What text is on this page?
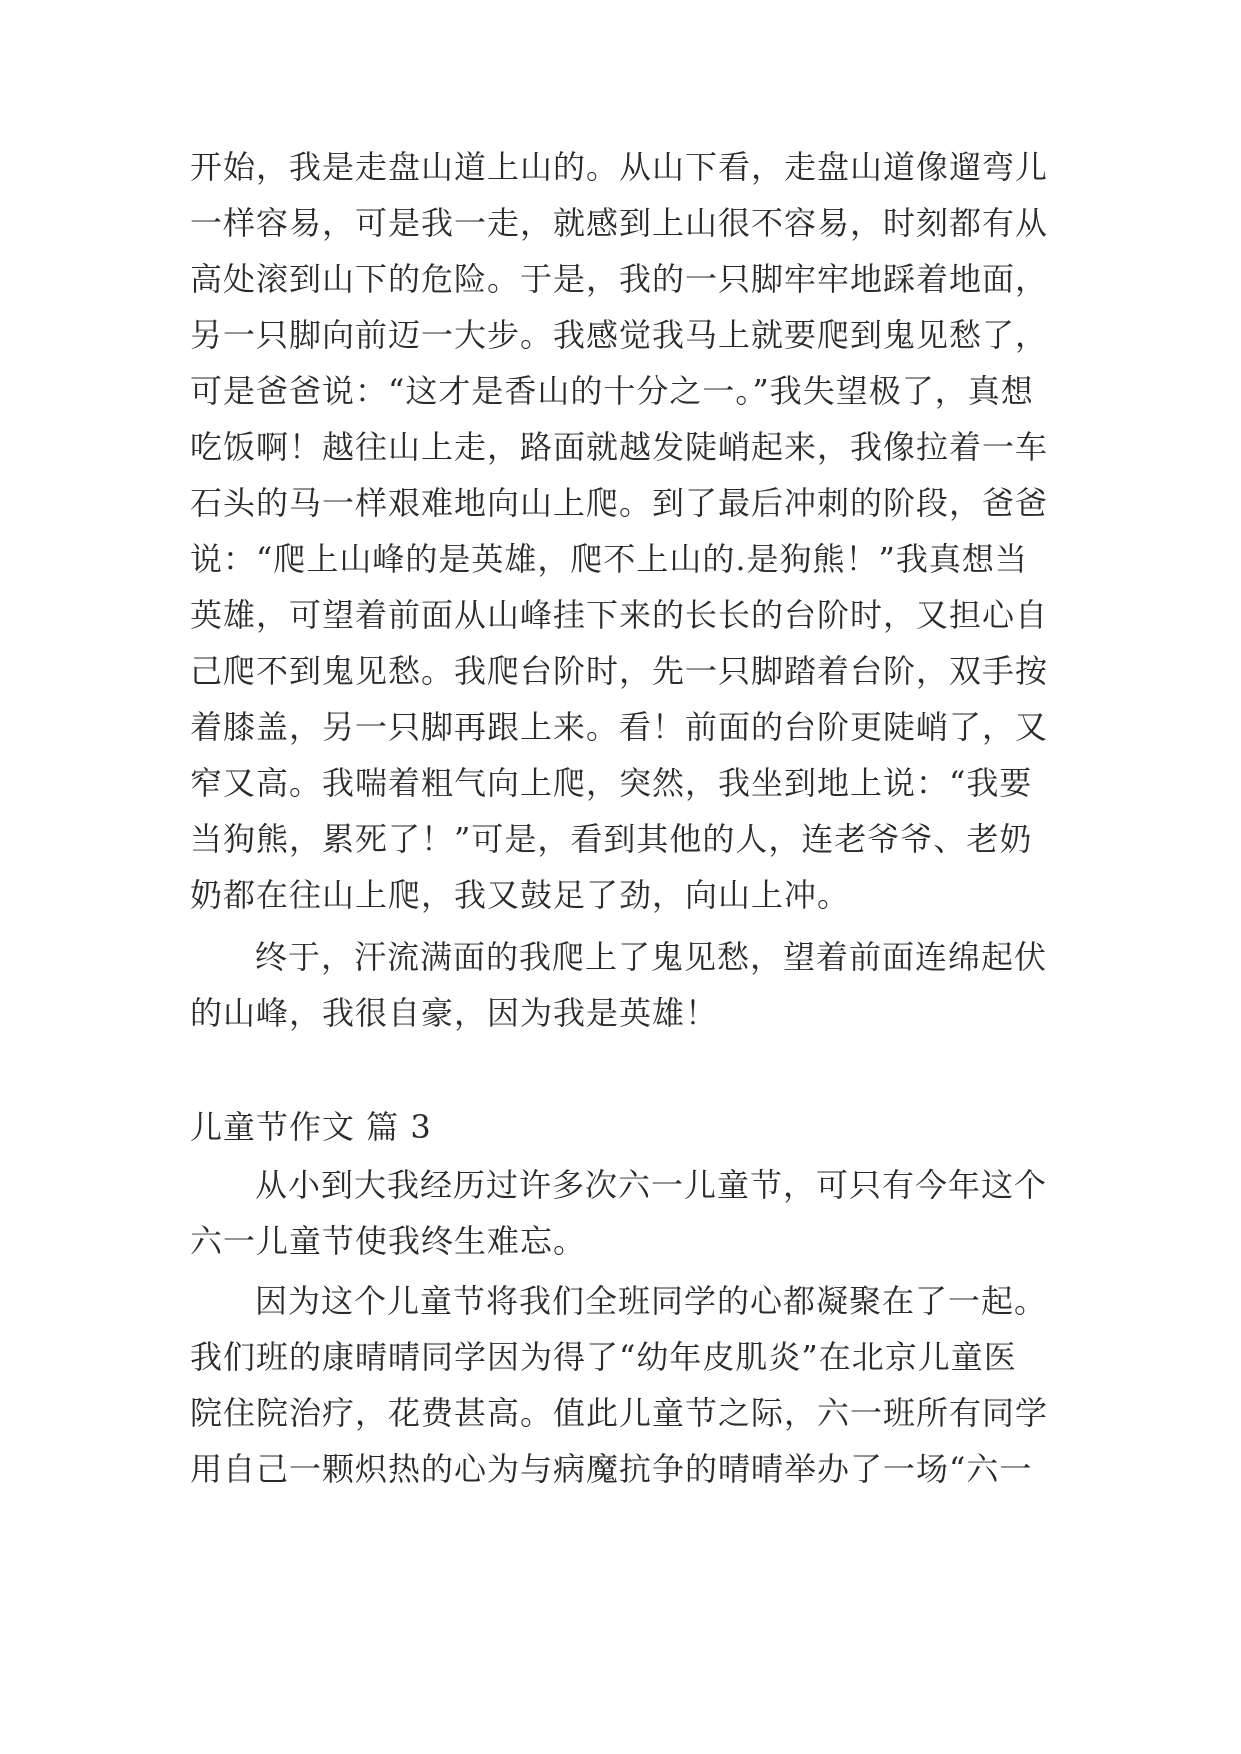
开始，我是走盘山道上山的。从山下看，走盘山道像遛弯儿
一样容易，可是我一走，就感到上山很不容易，时刻都有从
高处滚到山下的危险。于是，我的一只脚牢牢地踩着地面，
另一只脚向前迈一大步。我感觉我马上就要爬到鬼见愁了，
可是爸爸说：“这才是香山的十分之一。”我失望极了，真想
吃饭啊！越往山上走，路面就越发陡峭起来，我像拉着一车
石头的马一样艰难地向山上爬。到了最后冲刺的阶段，爸爸
说：“爬上山峰的是英雄，爬不上山的.是狗熊！”我真想当
英雄，可望着前面从山峰挂下来的长长的台阶时，又担心自
己爬不到鬼见愁。我爬台阶时，先一只脚踏着台阶，双手按
着膝盖，另一只脚再跟上来。看！前面的台阶更陡峭了，又
窄又高。我喘着粗气向上爬，突然，我坐到地上说：“我要
当狗熊，累死了！”可是，看到其他的人，连老爷爷、老奶
奶都在往山上爬，我又鼓足了劲，向山上冲。
终于，汗流满面的我爬上了鬼见愁，望着前面连绵起伏
的山峰，我很自豪，因为我是英雄！
儿童节作文 篇 3
从小到大我经历过许多次六一儿童节，可只有今年这个
六一儿童节使我终生难忘。
因为这个儿童节将我们全班同学的心都凝聚在了一起。
我们班的康晴晴同学因为得了“幼年皮肌炎”在北京儿童医
院住院治疗，花费甚高。值此儿童节之际，六一班所有同学
用自己一颗炽热的心为与病魔抗争的晴晴举办了一场“六一
